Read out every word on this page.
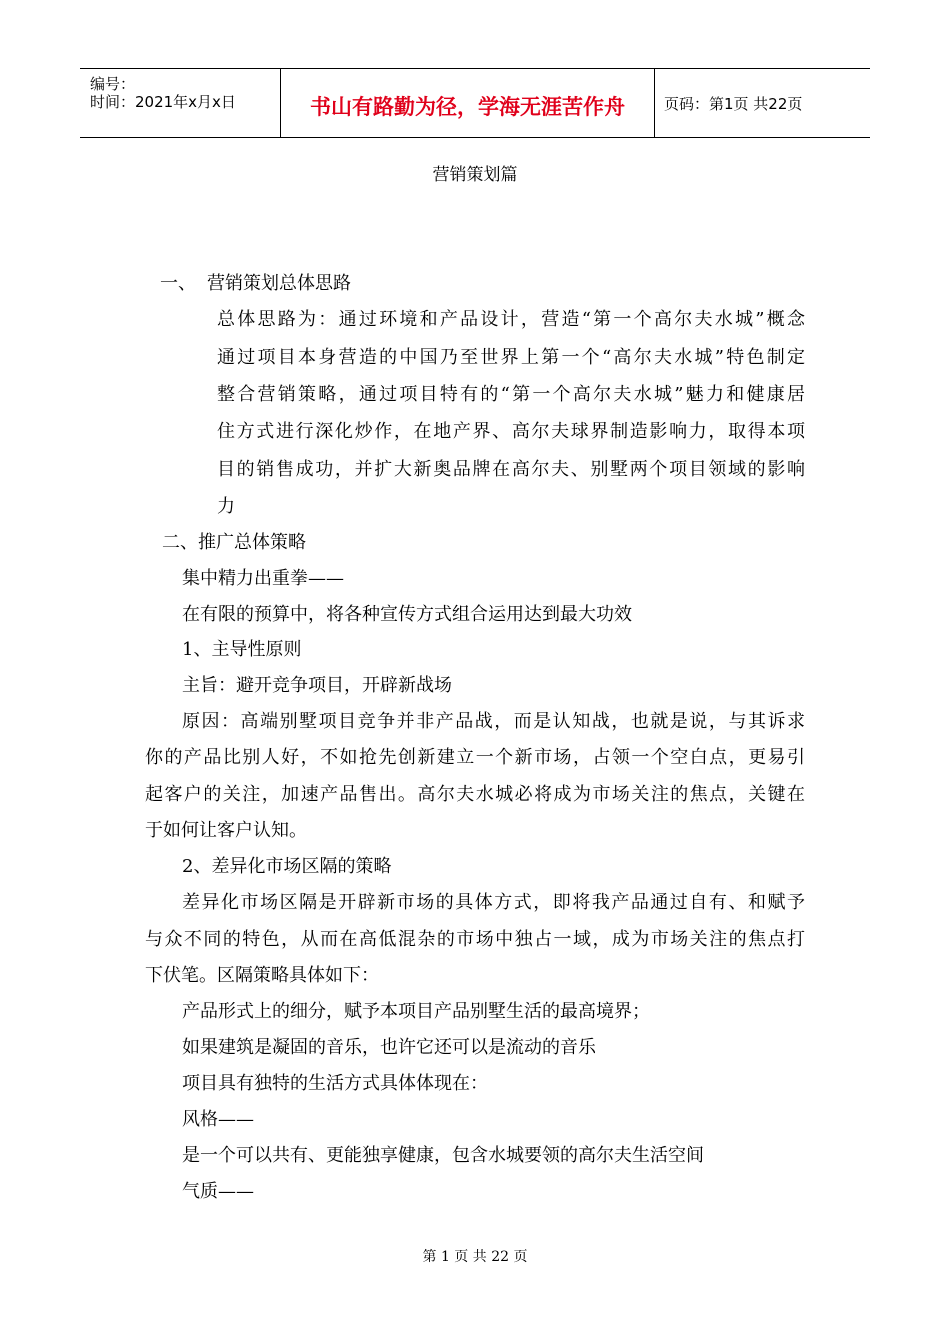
编号：
时间：2021年x月x日	书山有路勤为径，学海无涯苦作舟	页码：第1页 共22页
营销策划篇
一、 营销策划总体思路
总体思路为：通过环境和产品设计，营造“第一个高尔夫水城”概念
通过项目本身营造的中国乃至世界上第一个“高尔夫水城”特色制定
整合营销策略，通过项目特有的“第一个高尔夫水城”魅力和健康居
住方式进行深化炒作，在地产界、高尔夫球界制造影响力，取得本项
目的销售成功，并扩大新奥品牌在高尔夫、别墅两个项目领域的影响
力
二、推广总体策略
集中精力出重拳——
在有限的预算中，将各种宣传方式组合运用达到最大功效
1、主导性原则
主旨：避开竞争项目，开辟新战场
原因：高端别墅项目竞争并非产品战，而是认知战，也就是说，与其诉求
你的产品比别人好，不如抢先创新建立一个新市场，占领一个空白点，更易引
起客户的关注，加速产品售出。高尔夫水城必将成为市场关注的焦点，关键在
于如何让客户认知。
2、差异化市场区隔的策略
差异化市场区隔是开辟新市场的具体方式，即将我产品通过自有、和赋予
与众不同的特色，从而在高低混杂的市场中独占一域，成为市场关注的焦点打
下伏笔。区隔策略具体如下：
产品形式上的细分，赋予本项目产品别墅生活的最高境界；
如果建筑是凝固的音乐，也许它还可以是流动的音乐
项目具有独特的生活方式具体体现在：
风格——
是一个可以共有、更能独享健康，包含水城要领的高尔夫生活空间
气质——
第 1 页 共 22 页
